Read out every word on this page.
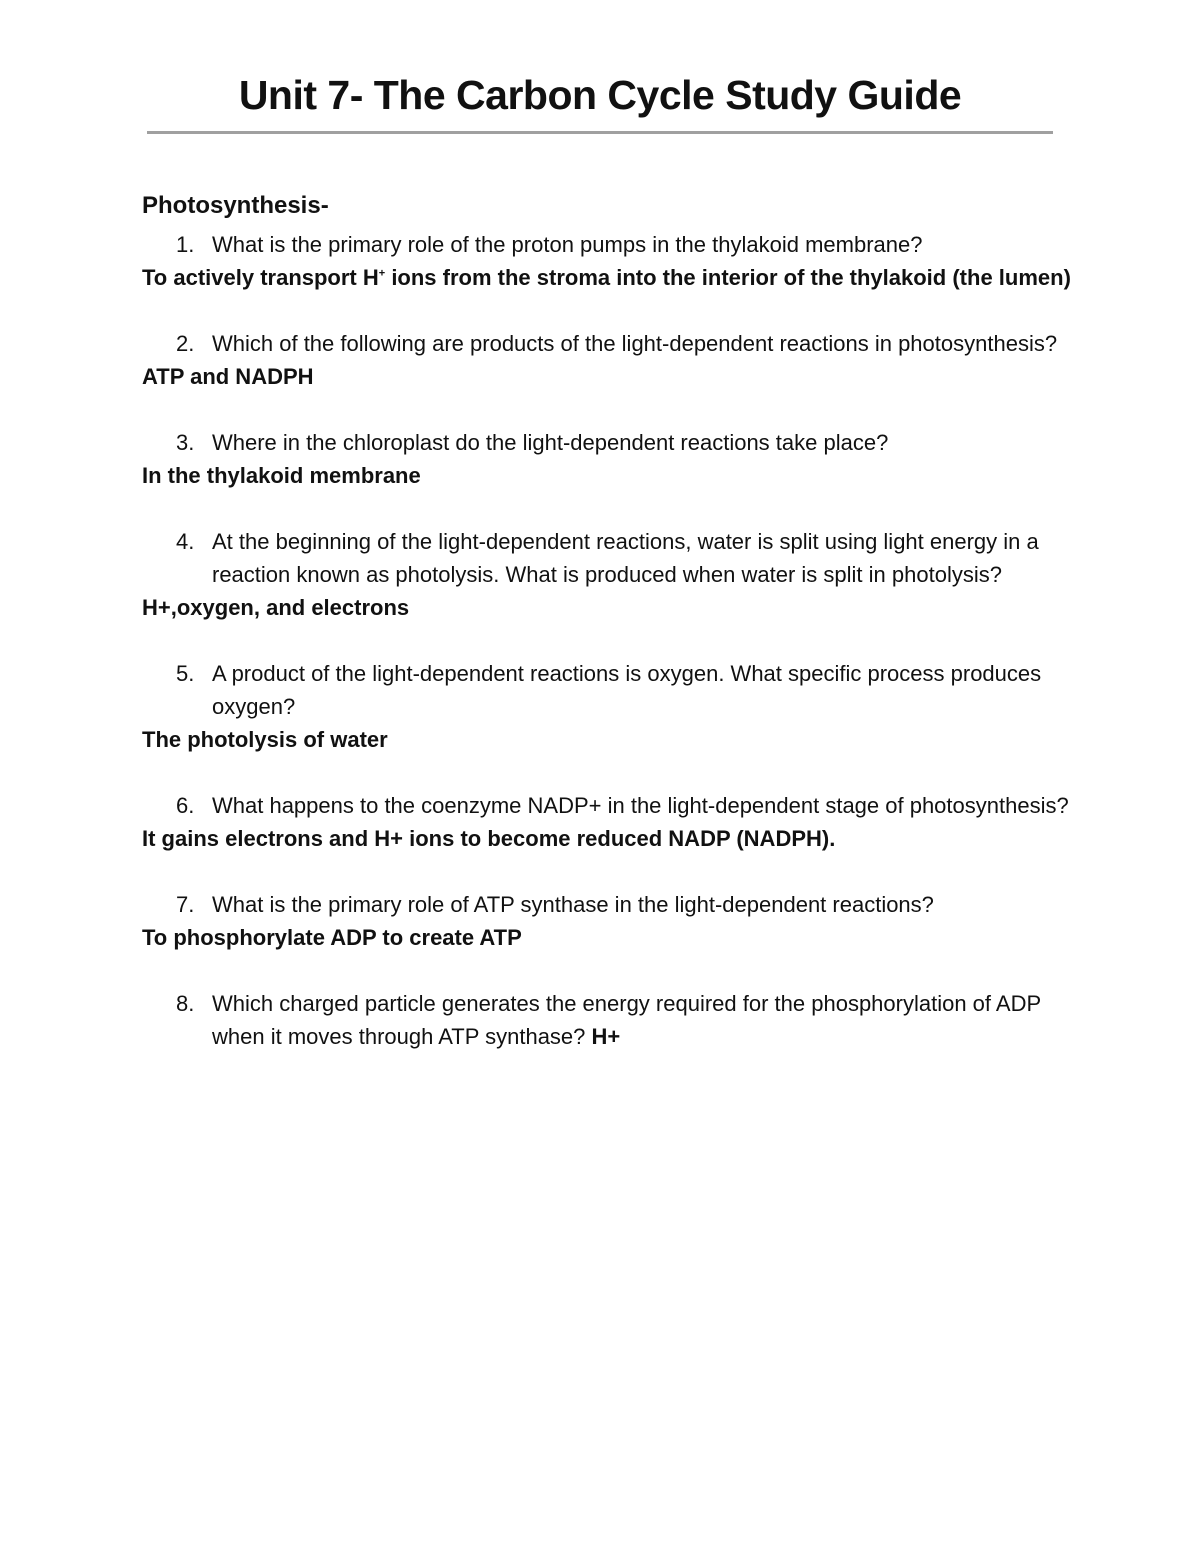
Unit 7- The Carbon Cycle Study Guide

Photosynthesis-

1. What is the primary role of the proton pumps in the thylakoid membrane?

To actively transport H+ ions from the stroma into the interior of the thylakoid (the lumen)

2. Which of the following are products of the light-dependent reactions in photosynthesis?

ATP and NADPH

3. Where in the chloroplast do the light-dependent reactions take place?

In the thylakoid membrane

4. At the beginning of the light-dependent reactions, water is split using light energy in a reaction known as photolysis. What is produced when water is split in photolysis?

H+,oxygen, and electrons

5. A product of the light-dependent reactions is oxygen. What specific process produces oxygen?

The photolysis of water

6. What happens to the coenzyme NADP+ in the light-dependent stage of photosynthesis?

It gains electrons and H+ ions to become reduced NADP (NADPH).

7. What is the primary role of ATP synthase in the light-dependent reactions?

To phosphorylate ADP to create ATP

8. Which charged particle generates the energy required for the phosphorylation of ADP when it moves through ATP synthase? H+
